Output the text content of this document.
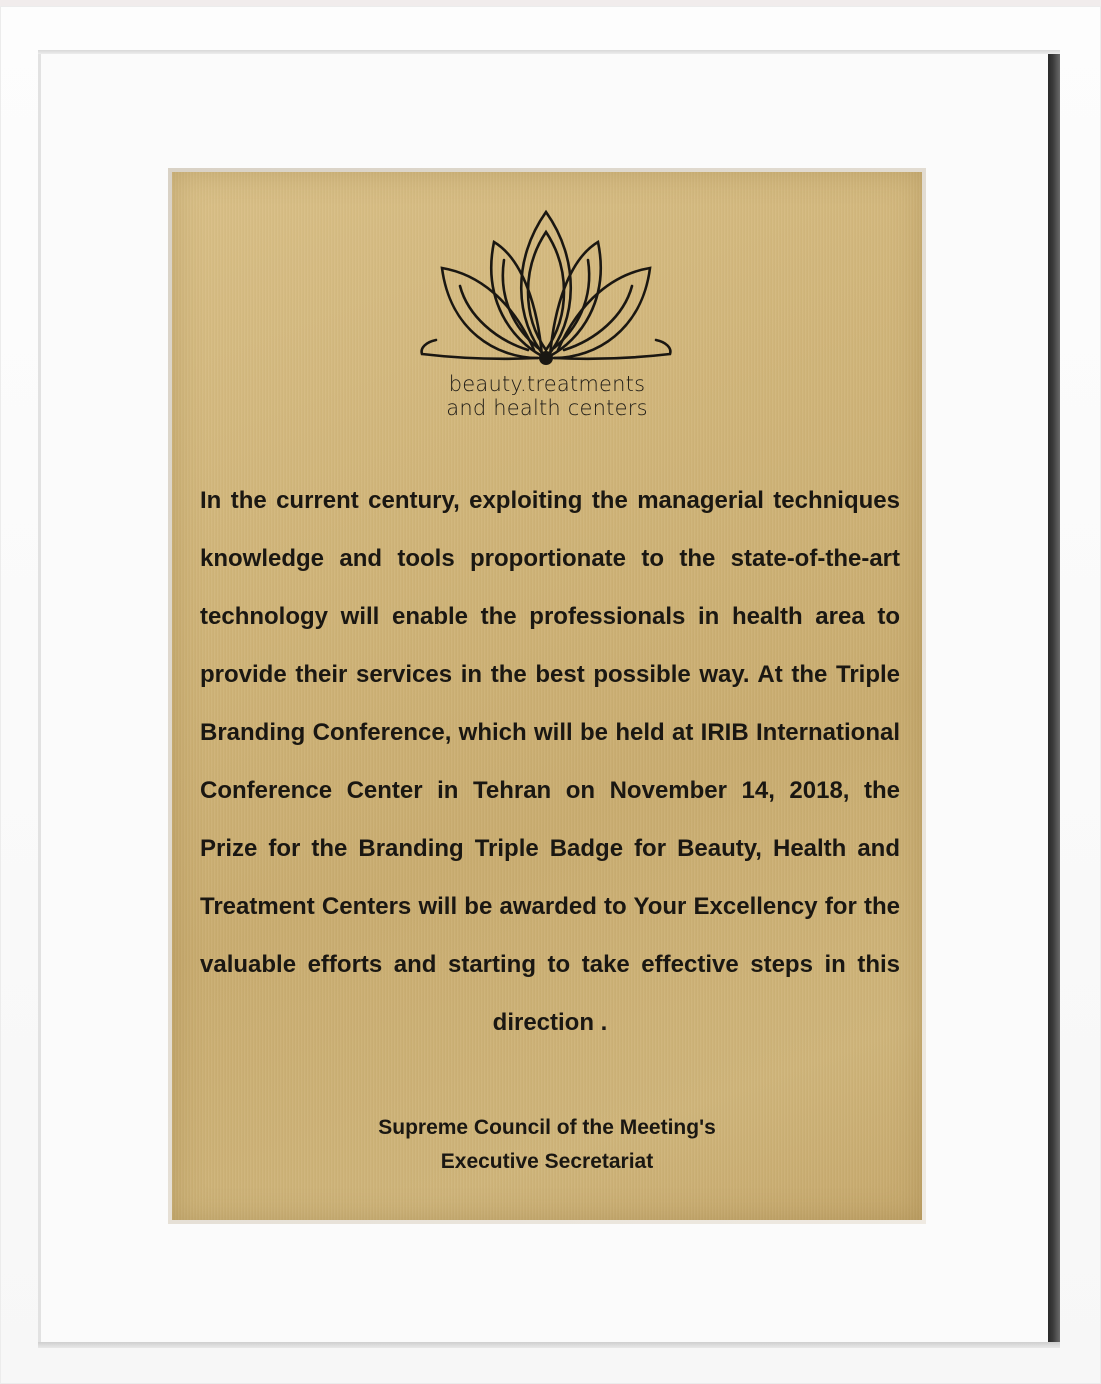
beauty.treatments
and health centers
In the current century, exploiting the managerial techniques knowledge and tools proportionate to the state-of-the-art technology will enable the professionals in health area to provide their services in the best possible way. At the Triple Branding Conference, which will be held at IRIB International Conference Center in Tehran on November 14, 2018, the Prize for the Branding Triple Badge for Beauty, Health and Treatment Centers will be awarded to Your Excellency for the valuable efforts and starting to take effective steps in this direction .
Supreme Council of the Meeting's
Executive Secretariat
